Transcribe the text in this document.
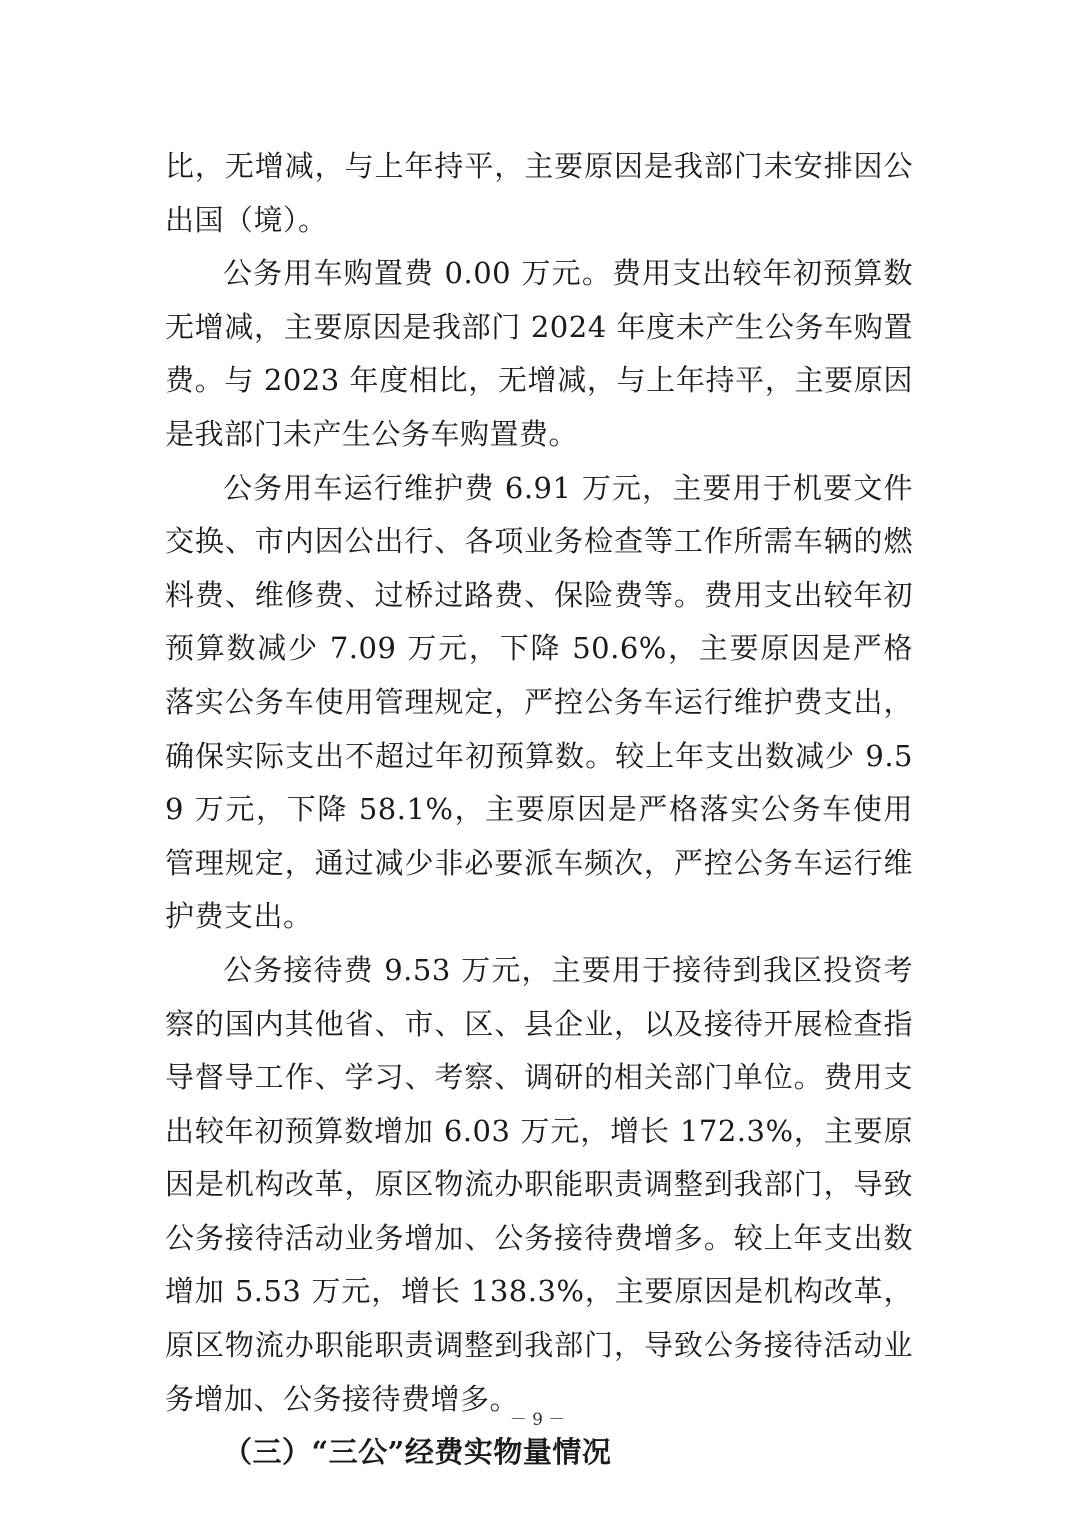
比，无增减，与上年持平，主要原因是我部门未安排因公出国（境）。

公务用车购置费 0.00 万元。费用支出较年初预算数无增减，主要原因是我部门 2024 年度未产生公务车购置费。与 2023 年度相比，无增减，与上年持平，主要原因是我部门未产生公务车购置费。

公务用车运行维护费 6.91 万元，主要用于机要文件交换、市内因公出行、各项业务检查等工作所需车辆的燃料费、维修费、过桥过路费、保险费等。费用支出较年初预算数减少 7.09 万元，下降 50.6%，主要原因是严格落实公务车使用管理规定，严控公务车运行维护费支出，确保实际支出不超过年初预算数。较上年支出数减少 9.59 万元，下降 58.1%，主要原因是严格落实公务车使用管理规定，通过减少非必要派车频次，严控公务车运行维护费支出。

公务接待费 9.53 万元，主要用于接待到我区投资考察的国内其他省、市、区、县企业，以及接待开展检查指导督导工作、学习、考察、调研的相关部门单位。费用支出较年初预算数增加 6.03 万元，增长 172.3%，主要原因是机构改革，原区物流办职能职责调整到我部门，导致公务接待活动业务增加、公务接待费增多。较上年支出数增加 5.53 万元，增长 138.3%，主要原因是机构改革，原区物流办职能职责调整到我部门，导致公务接待活动业务增加、公务接待费增多。

（三）“三公”经费实物量情况
－ 9 －
